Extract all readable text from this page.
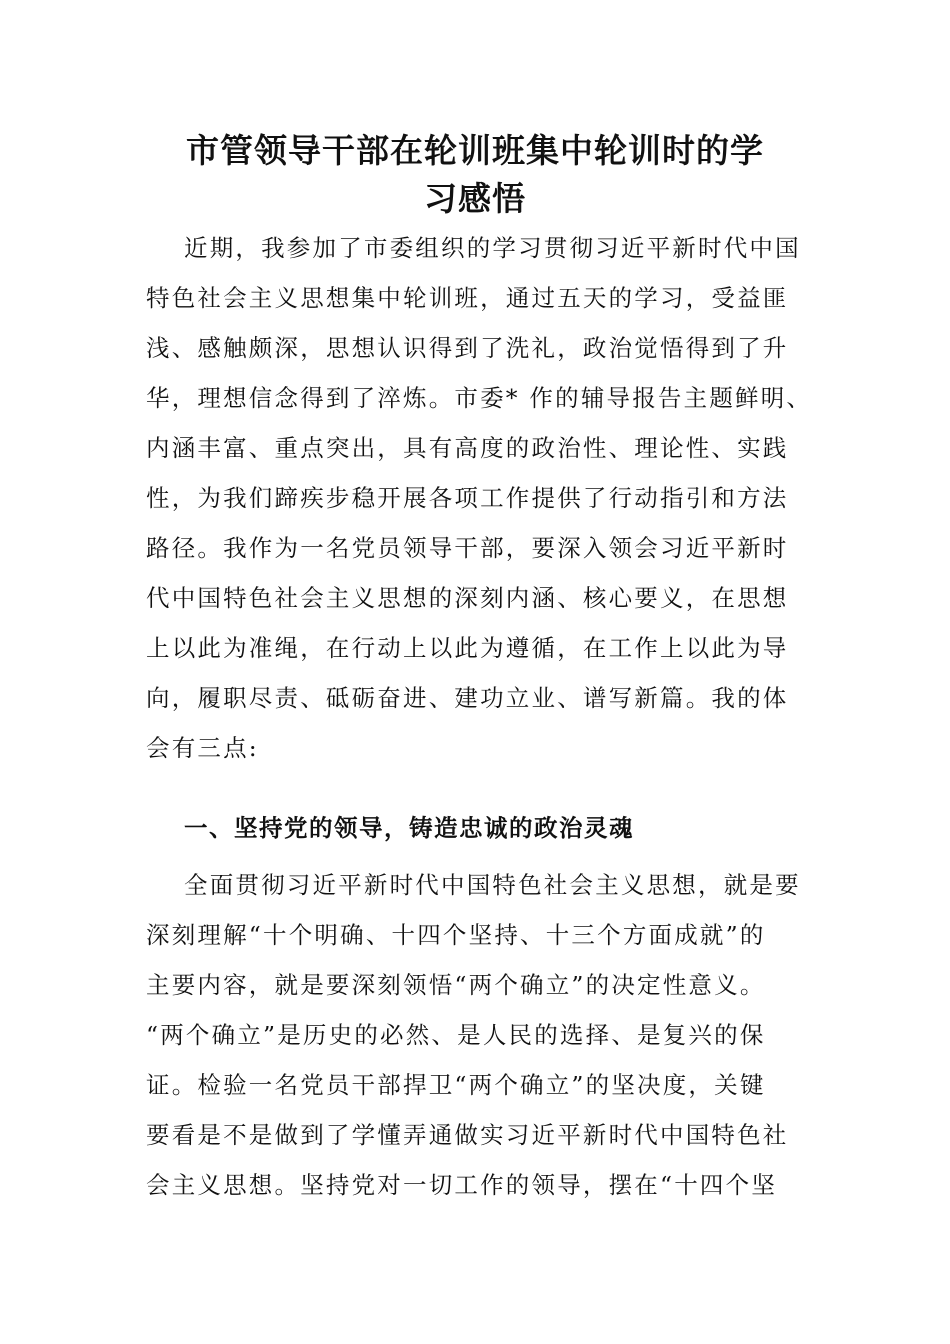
市管领导干部在轮训班集中轮训时的学
习感悟

近期，我参加了市委组织的学习贯彻习近平新时代中国

特色社会主义思想集中轮训班，通过五天的学习，受益匪

浅、感触颇深，思想认识得到了洗礼，政治觉悟得到了升

华，理想信念得到了淬炼。市委* 作的辅导报告主题鲜明、

内涵丰富、重点突出，具有高度的政治性、理论性、实践

性，为我们蹄疾步稳开展各项工作提供了行动指引和方法

路径。我作为一名党员领导干部，要深入领会习近平新时

代中国特色社会主义思想的深刻内涵、核心要义，在思想

上以此为准绳，在行动上以此为遵循，在工作上以此为导

向，履职尽责、砥砺奋进、建功立业、谱写新篇。我的体

会有三点:

一、坚持党的领导，铸造忠诚的政治灵魂

全面贯彻习近平新时代中国特色社会主义思想，就是要

深刻理解“十个明确、十四个坚持、十三个方面成就”的

主要内容，就是要深刻领悟“两个确立”的决定性意义。

“两个确立”是历史的必然、是人民的选择、是复兴的保

证。检验一名党员干部捍卫“两个确立”的坚决度，关键

要看是不是做到了学懂弄通做实习近平新时代中国特色社

会主义思想。坚持党对一切工作的领导，摆在“十四个坚
